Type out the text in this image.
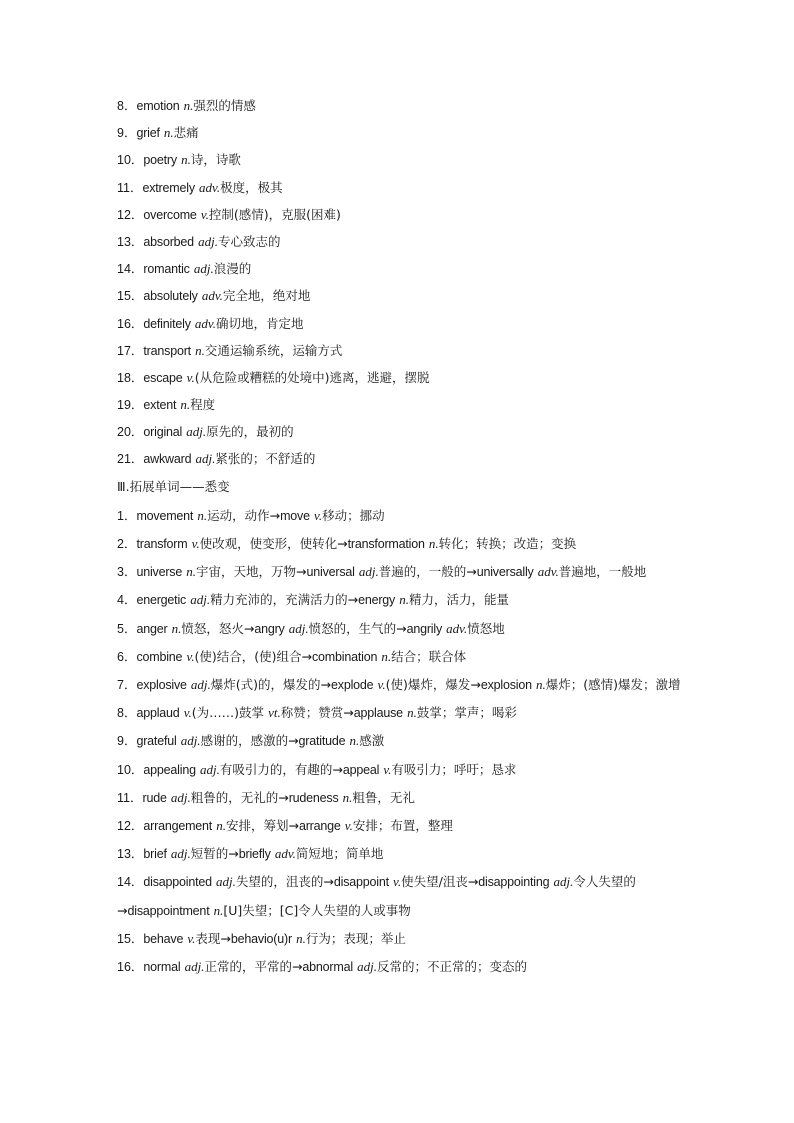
8．emotion n.强烈的情感
9．grief n.悲痛
10．poetry n.诗，诗歌
11．extremely adv.极度，极其
12．overcome v.控制(感情)，克服(困难)
13．absorbed adj.专心致志的
14．romantic adj.浪漫的
15．absolutely adv.完全地，绝对地
16．definitely adv.确切地，肯定地
17．transport n.交通运输系统，运输方式
18．escape v.(从危险或糟糕的处境中)逃离，逃避，摆脱
19．extent n.程度
20．original adj.原先的，最初的
21．awkward adj.紧张的；不舒适的
Ⅲ.拓展单词——悉变
1．movement n.运动，动作→move v.移动；挪动
2．transform v.使改观，使变形，使转化→transformation n.转化；转换；改造；变换
3．universe n.宇宙，天地，万物→universal adj.普遍的，一般的→universally adv.普遍地，一般地
4．energetic adj.精力充沛的，充满活力的→energy n.精力，活力，能量
5．anger n.愤怒，怒火→angry adj.愤怒的，生气的→angrily adv.愤怒地
6．combine v.(使)结合，(使)组合→combination n.结合；联合体
7．explosive adj.爆炸(式)的，爆发的→explode v.(使)爆炸，爆发→explosion n.爆炸；(感情)爆发；激增
8．applaud v.(为……)鼓掌 vt.称赞；赞赏→applause n.鼓掌；掌声；喝彩
9．grateful adj.感谢的，感激的→gratitude n.感激
10．appealing adj.有吸引力的，有趣的→appeal v.有吸引力；呼吁；恳求
11．rude adj.粗鲁的，无礼的→rudeness n.粗鲁，无礼
12．arrangement n.安排，筹划→arrange v.安排；布置，整理
13．brief adj.短暂的→briefly adv.简短地；简单地
14．disappointed adj.失望的，沮丧的→disappoint v.使失望/沮丧→disappointing adj.令人失望的→disappointment n.[U]失望；[C]令人失望的人或事物
15．behave v.表现→behavio(u)r n.行为；表现；举止
16．normal adj.正常的，平常的→abnormal adj.反常的；不正常的；变态的
